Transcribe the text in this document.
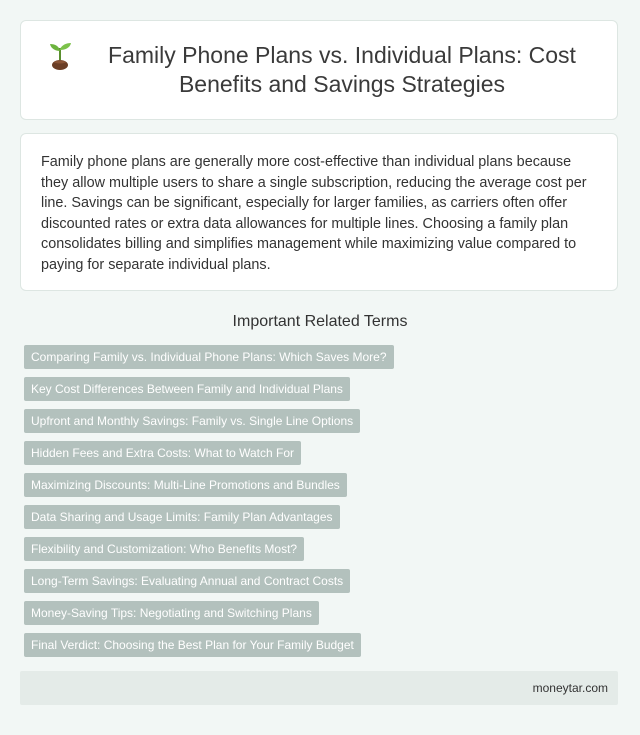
Family Phone Plans vs. Individual Plans: Cost Benefits and Savings Strategies

Family phone plans are generally more cost-effective than individual plans because they allow multiple users to share a single subscription, reducing the average cost per line. Savings can be significant, especially for larger families, as carriers often offer discounted rates or extra data allowances for multiple lines. Choosing a family plan consolidates billing and simplifies management while maximizing value compared to paying for separate individual plans.

Important Related Terms
Comparing Family vs. Individual Phone Plans: Which Saves More?
Key Cost Differences Between Family and Individual Plans
Upfront and Monthly Savings: Family vs. Single Line Options
Hidden Fees and Extra Costs: What to Watch For
Maximizing Discounts: Multi-Line Promotions and Bundles
Data Sharing and Usage Limits: Family Plan Advantages
Flexibility and Customization: Who Benefits Most?
Long-Term Savings: Evaluating Annual and Contract Costs
Money-Saving Tips: Negotiating and Switching Plans
Final Verdict: Choosing the Best Plan for Your Family Budget
moneytar.com
